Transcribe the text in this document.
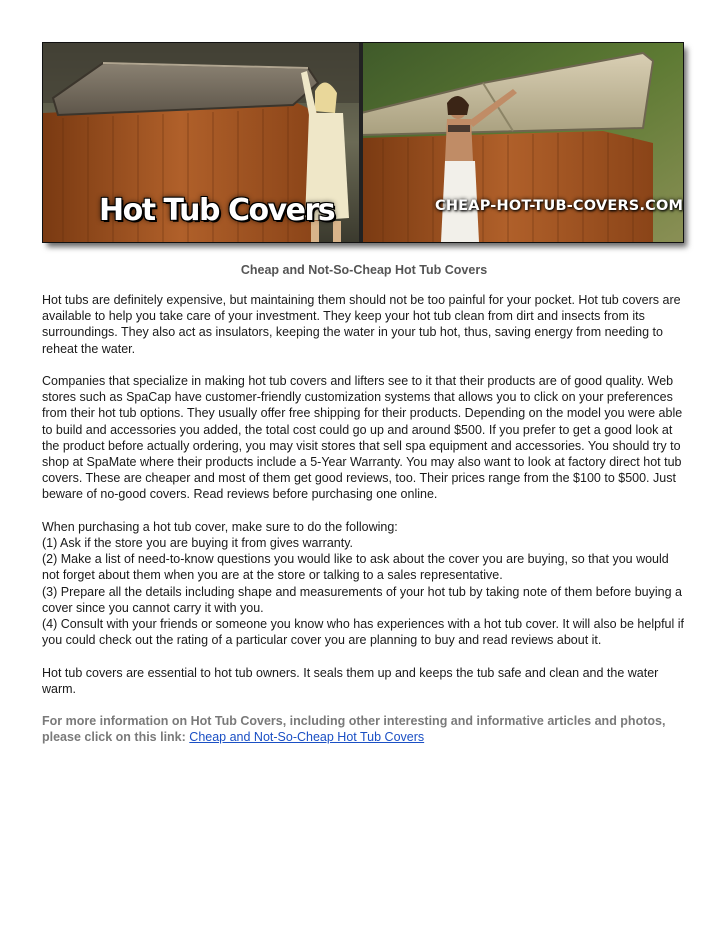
Hot Tub Covers	CHEAP-HOT-TUB-COVERS.COM
Cheap and Not-So-Cheap Hot Tub Covers

Hot tubs are definitely expensive, but maintaining them should not be too painful for your pocket. Hot tub covers are available to help you take care of your investment. They keep your hot tub clean from dirt and insects from its surroundings. They also act as insulators, keeping the water in your tub hot, thus, saving energy from needing to reheat the water.

Companies that specialize in making hot tub covers and lifters see to it that their products are of good quality. Web stores such as SpaCap have customer-friendly customization systems that allows you to click on your preferences from their hot tub options. They usually offer free shipping for their products. Depending on the model you were able to build and accessories you added, the total cost could go up and around $500. If you prefer to get a good look at the product before actually ordering, you may visit stores that sell spa equipment and accessories. You should try to shop at SpaMate where their products include a 5-Year Warranty. You may also want to look at factory direct hot tub covers. These are cheaper and most of them get good reviews, too. Their prices range from the $100 to $500. Just beware of no-good covers. Read reviews before purchasing one online.

When purchasing a hot tub cover, make sure to do the following:
(1) Ask if the store you are buying it from gives warranty.
(2) Make a list of need-to-know questions you would like to ask about the cover you are buying, so that you would not forget about them when you are at the store or talking to a sales representative.
(3) Prepare all the details including shape and measurements of your hot tub by taking note of them before buying a cover since you cannot carry it with you.
(4) Consult with your friends or someone you know who has experiences with a hot tub cover. It will also be helpful if you could check out the rating of a particular cover you are planning to buy and read reviews about it.

Hot tub covers are essential to hot tub owners. It seals them up and keeps the tub safe and clean and the water warm.

For more information on Hot Tub Covers, including other interesting and informative articles and photos, please click on this link: Cheap and Not-So-Cheap Hot Tub Covers
